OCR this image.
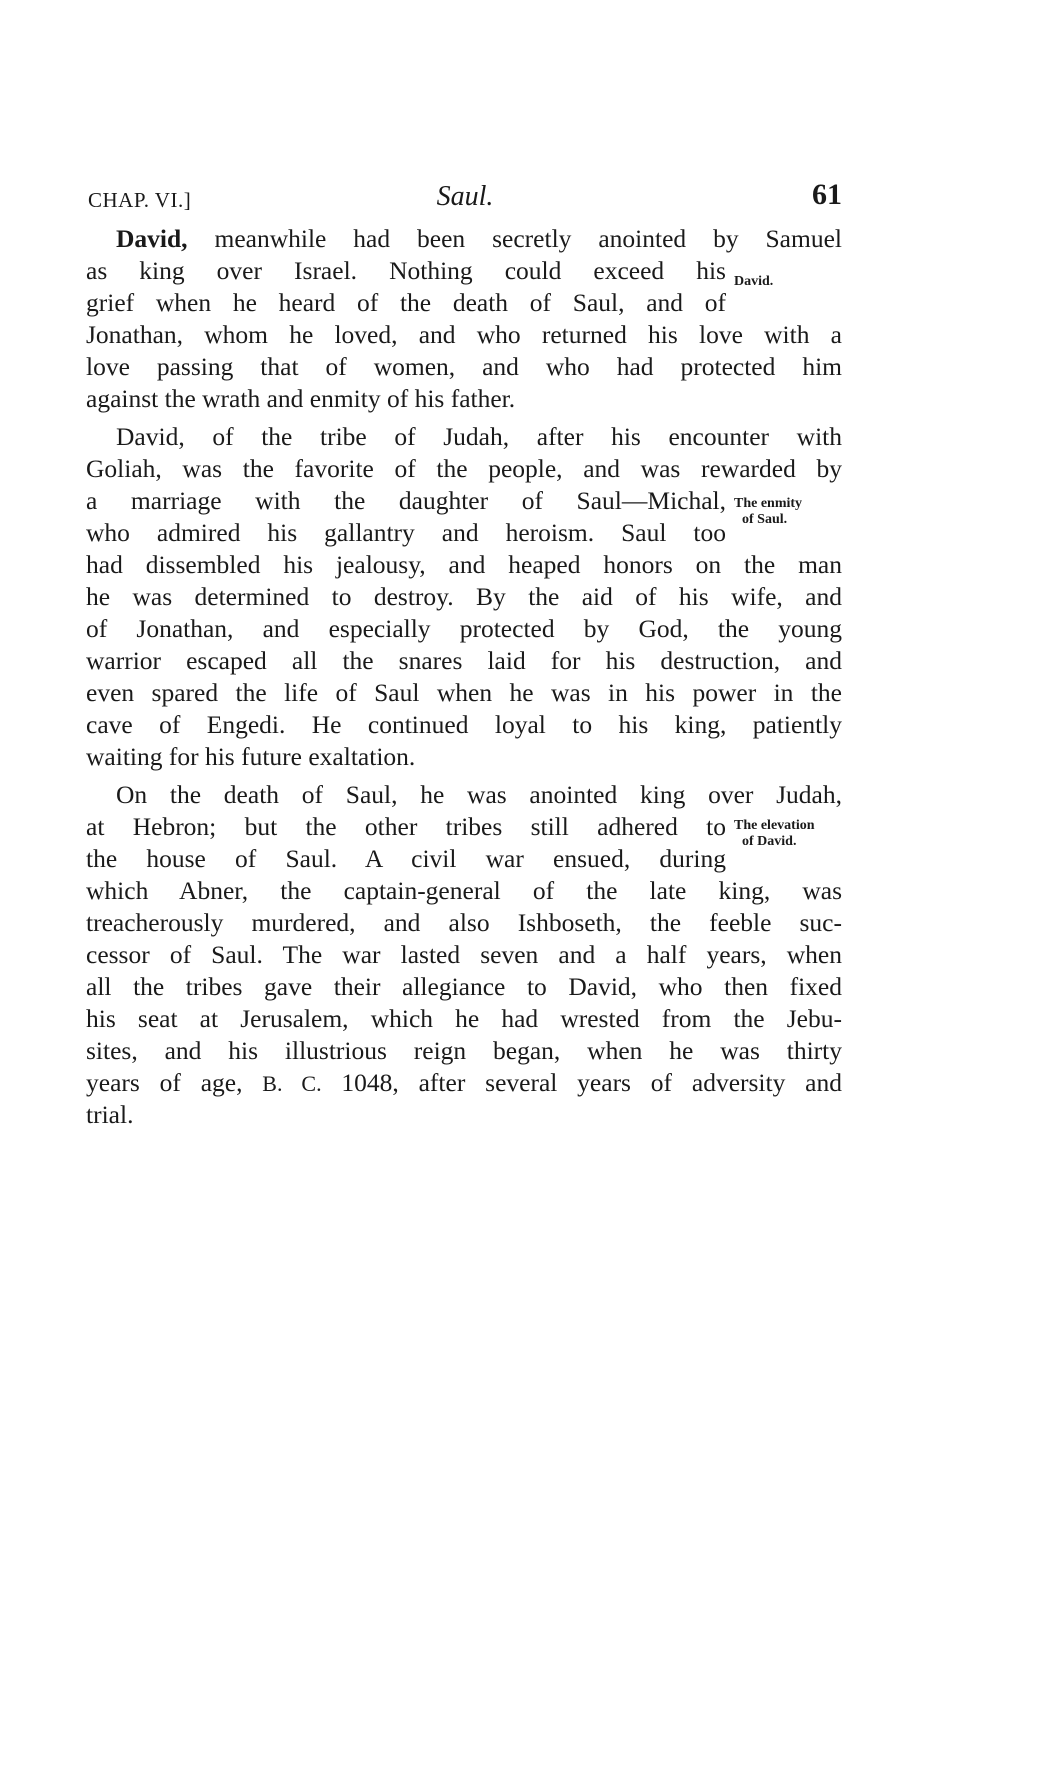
CHAP. VI.]	Saul.	61
David, meanwhile had been secretly anointed by Samuel
as king over Israel. Nothing could exceed his
grief when he heard of the death of Saul, and of
Jonathan, whom he loved, and who returned his love with a
love passing that of women, and who had protected him
against the wrath and enmity of his father.
David.
David, of the tribe of Judah, after his encounter with
Goliah, was the favorite of the people, and was rewarded by
a marriage with the daughter of Saul—Michal,
who admired his gallantry and heroism. Saul too
had dissembled his jealousy, and heaped honors on the man
he was determined to destroy. By the aid of his wife, and
of Jonathan, and especially protected by God, the young
warrior escaped all the snares laid for his destruction, and
even spared the life of Saul when he was in his power in the
cave of Engedi. He continued loyal to his king, patiently
waiting for his future exaltation.
The enmity
of Saul.
On the death of Saul, he was anointed king over Judah,
at Hebron; but the other tribes still adhered to
the house of Saul. A civil war ensued, during
which Abner, the captain-general of the late king, was
treacherously murdered, and also Ishboseth, the feeble suc-
cessor of Saul. The war lasted seven and a half years, when
all the tribes gave their allegiance to David, who then fixed
his seat at Jerusalem, which he had wrested from the Jebu-
sites, and his illustrious reign began, when he was thirty
years of age, B. C. 1048, after several years of adversity and
trial.
The elevation
of David.
